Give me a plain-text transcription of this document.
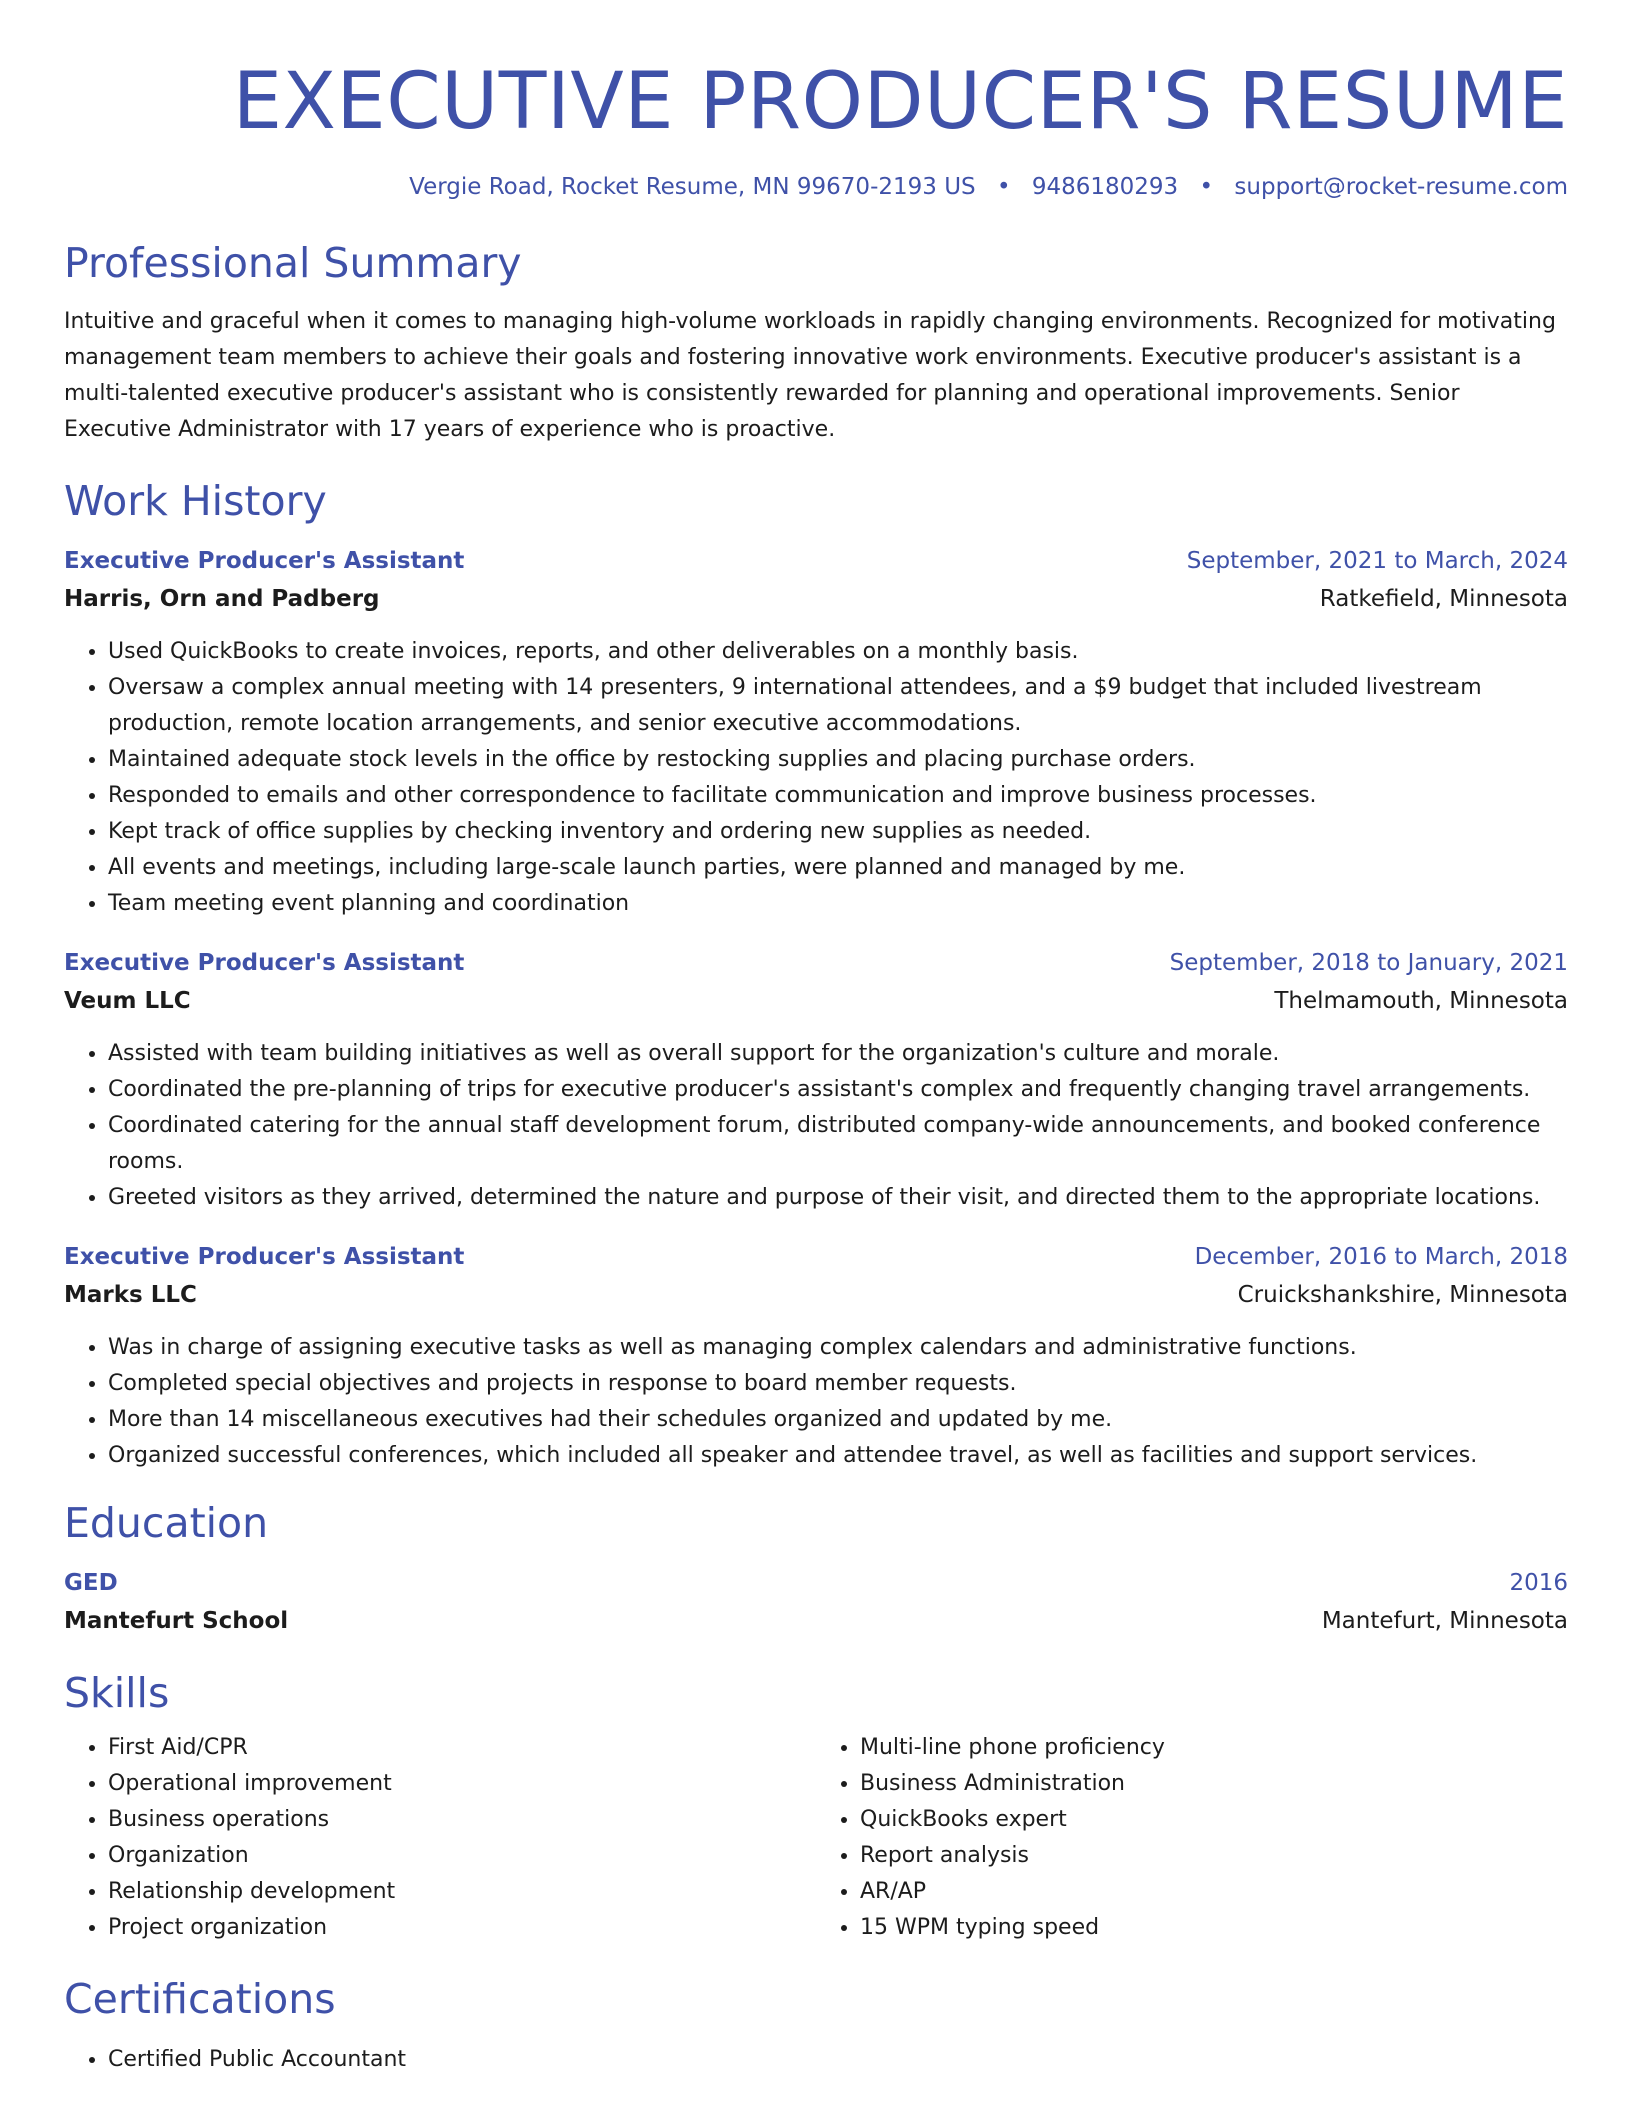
EXECUTIVE PRODUCER'S RESUME
Vergie Road, Rocket Resume, MN 99670-2193 US • 9486180293 • support@rocket-resume.com
Professional Summary

Intuitive and graceful when it comes to managing high-volume workloads in rapidly changing environments. Recognized for motivating management team members to achieve their goals and fostering innovative work environments. Executive producer's assistant is a multi-talented executive producer's assistant who is consistently rewarded for planning and operational improvements. Senior Executive Administrator with 17 years of experience who is proactive.

Work History
Executive Producer's Assistant	September, 2021 to March, 2024
Harris, Orn and Padberg	Ratkefield, Minnesota
• Used QuickBooks to create invoices, reports, and other deliverables on a monthly basis.
• Oversaw a complex annual meeting with 14 presenters, 9 international attendees, and a $9 budget that included livestream production, remote location arrangements, and senior executive accommodations.
• Maintained adequate stock levels in the office by restocking supplies and placing purchase orders.
• Responded to emails and other correspondence to facilitate communication and improve business processes.
• Kept track of office supplies by checking inventory and ordering new supplies as needed.
• All events and meetings, including large-scale launch parties, were planned and managed by me.
• Team meeting event planning and coordination
Executive Producer's Assistant	September, 2018 to January, 2021
Veum LLC	Thelmamouth, Minnesota
• Assisted with team building initiatives as well as overall support for the organization's culture and morale.
• Coordinated the pre-planning of trips for executive producer's assistant's complex and frequently changing travel arrangements.
• Coordinated catering for the annual staff development forum, distributed company-wide announcements, and booked conference rooms.
• Greeted visitors as they arrived, determined the nature and purpose of their visit, and directed them to the appropriate locations.
Executive Producer's Assistant	December, 2016 to March, 2018
Marks LLC	Cruickshankshire, Minnesota
• Was in charge of assigning executive tasks as well as managing complex calendars and administrative functions.
• Completed special objectives and projects in response to board member requests.
• More than 14 miscellaneous executives had their schedules organized and updated by me.
• Organized successful conferences, which included all speaker and attendee travel, as well as facilities and support services.
Education
GED	2016
Mantefurt School	Mantefurt, Minnesota
Skills
• First Aid/CPR
• Operational improvement
• Business operations
• Organization
• Relationship development
• Project organization
• Multi-line phone proficiency
• Business Administration
• QuickBooks expert
• Report analysis
• AR/AP
• 15 WPM typing speed
Certifications
• Certified Public Accountant
